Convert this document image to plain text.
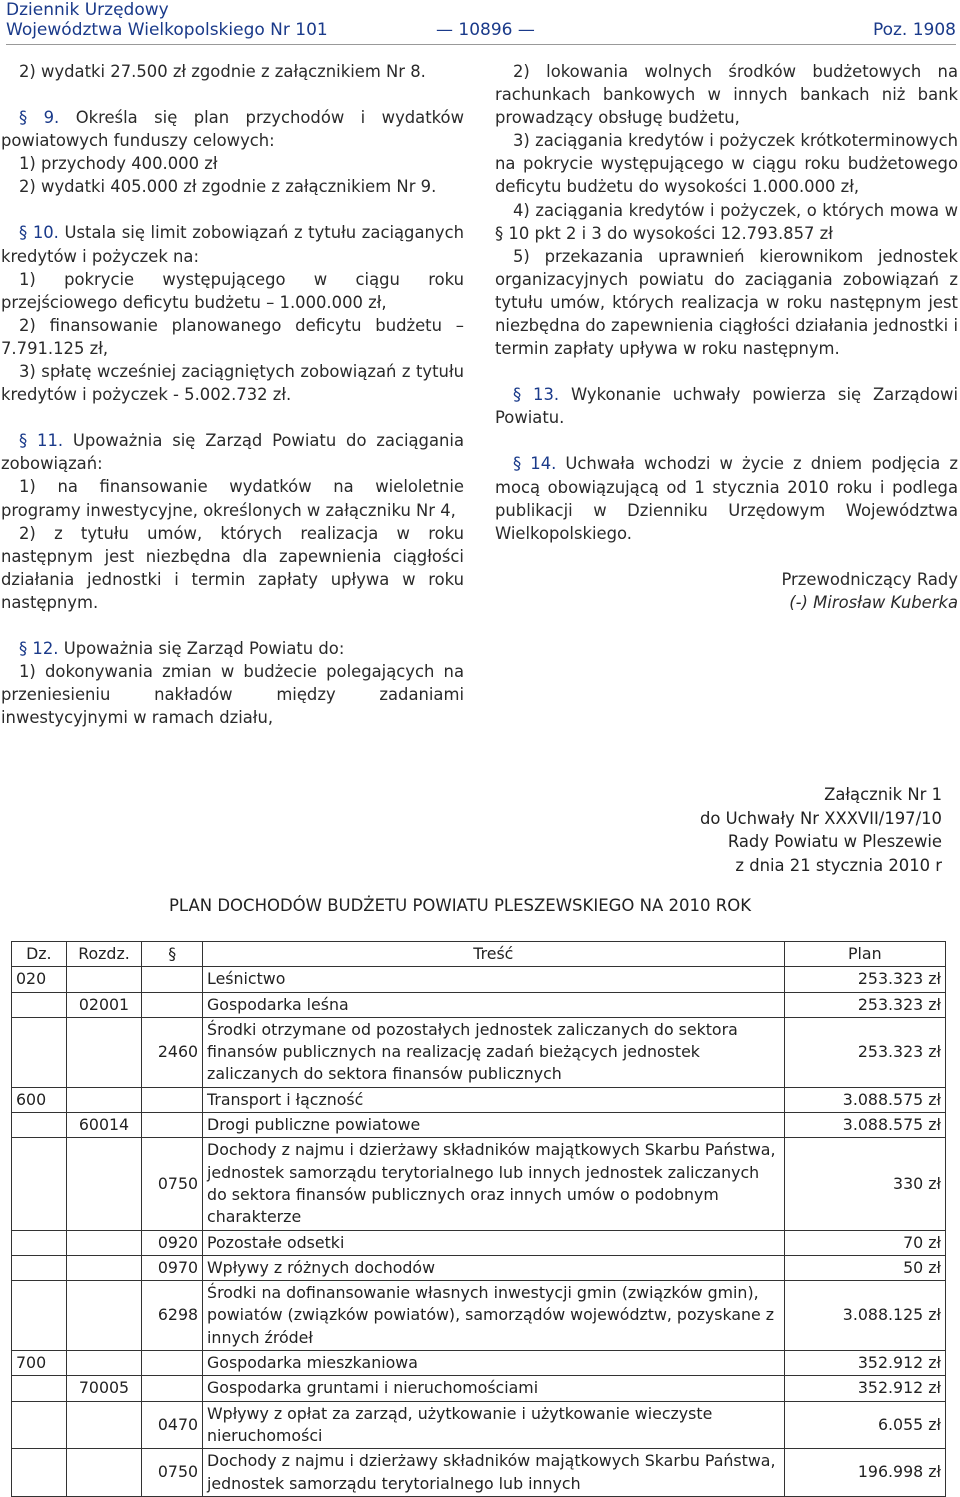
Dziennik Urzędowy
Województwa Wielkopolskiego Nr 101	— 10896 —	Poz. 1908

2) wydatki 27.500 zł zgodnie z załącznikiem Nr 8.

§ 9. Określa się plan przychodów i wydatków powiatowych funduszy celowych:

1) przychody 400.000 zł

2) wydatki 405.000 zł zgodnie z załącznikiem Nr 9.

§ 10. Ustala się limit zobowiązań z tytułu zaciąganych kredytów i pożyczek na:

1) pokrycie występującego w ciągu roku przejściowego deficytu budżetu – 1.000.000 zł,

2) finansowanie planowanego deficytu budżetu – 7.791.125 zł,

3) spłatę wcześniej zaciągniętych zobowiązań z tytułu kredytów i pożyczek - 5.002.732 zł.

§ 11. Upoważnia się Zarząd Powiatu do zaciągania zobowiązań:

1) na finansowanie wydatków na wieloletnie programy inwestycyjne, określonych w załączniku Nr 4,

2) z tytułu umów, których realizacja w roku następnym jest niezbędna dla zapewnienia ciągłości działania jednostki i termin zapłaty upływa w roku następnym.

§ 12. Upoważnia się Zarząd Powiatu do:

1) dokonywania zmian w budżecie polegających na przeniesieniu nakładów między zadaniami inwestycyjnymi w ramach działu,

2) lokowania wolnych środków budżetowych na rachunkach bankowych w innych bankach niż bank prowadzący obsługę budżetu,

3) zaciągania kredytów i pożyczek krótkoterminowych na pokrycie występującego w ciągu roku budżetowego deficytu budżetu do wysokości 1.000.000 zł,

4) zaciągania kredytów i pożyczek, o których mowa w § 10 pkt 2 i 3 do wysokości 12.793.857 zł

5) przekazania uprawnień kierownikom jednostek organizacyjnych powiatu do zaciągania zobowiązań z tytułu umów, których realizacja w roku następnym jest niezbędna do zapewnienia ciągłości działania jednostki i termin zapłaty upływa w roku następnym.

§ 13. Wykonanie uchwały powierza się Zarządowi Powiatu.

§ 14. Uchwała wchodzi w życie z dniem podjęcia z mocą obowiązującą od 1 stycznia 2010 roku i podlega publikacji w Dzienniku Urzędowym Województwa Wielkopolskiego.

Przewodniczący Rady
(-) Mirosław Kuberka
Załącznik Nr 1
do Uchwały Nr XXXVII/197/10
Rady Powiatu w Pleszewie
z dnia 21 stycznia 2010 r
PLAN DOCHODÓW BUDŻETU POWIATU PLESZEWSKIEGO NA 2010 ROK
Dz.	Rozdz.	§	Treść	Plan
020			Leśnictwo	253.323 zł
	02001		Gospodarka leśna	253.323 zł
		2460	Środki otrzymane od pozostałych jednostek zaliczanych do sektora finansów publicznych na realizację zadań bieżących jednostek zaliczanych do sektora finansów publicznych	253.323 zł
600			Transport i łączność	3.088.575 zł
	60014		Drogi publiczne powiatowe	3.088.575 zł
		0750	Dochody z najmu i dzierżawy składników majątkowych Skarbu Państwa, jednostek samorządu terytorialnego lub innych jednostek zaliczanych do sektora finansów publicznych oraz innych umów o podobnym charakterze	330 zł
		0920	Pozostałe odsetki	70 zł
		0970	Wpływy z różnych dochodów	50 zł
		6298	Środki na dofinansowanie własnych inwestycji gmin (związków gmin), powiatów (związków powiatów), samorządów województw, pozyskane z innych źródeł	3.088.125 zł
700			Gospodarka mieszkaniowa	352.912 zł
	70005		Gospodarka gruntami i nieruchomościami	352.912 zł
		0470	Wpływy z opłat za zarząd, użytkowanie i użytkowanie wieczyste nieruchomości	6.055 zł
		0750	Dochody z najmu i dzierżawy składników majątkowych Skarbu Państwa, jednostek samorządu terytorialnego lub innych	196.998 zł
